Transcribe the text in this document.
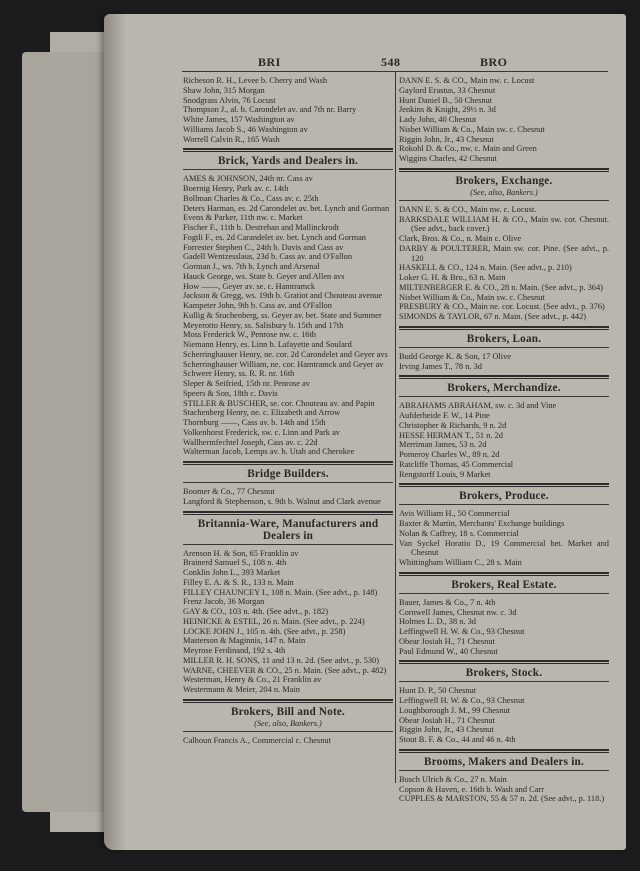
BRI	548	BRO
Richeson R. H., Levee b. Cherry and Wash
Shaw John, 315 Morgan
Snodgrass Alvin, 76 Locust
Thompson J., al. b. Carondelet av. and 7th nr. Barry
White James, 157 Washington av
Williams Jacob S., 46 Washington av
Worrell Calvin R., 165 Wash
Brick, Yards and Dealers in.
AMES & JOHNSON, 24th nr. Cass av
Boernig Henry, Park av. c. 14th
Bollman Charles & Co., Cass av. c. 25th
Deters Harman, es. 2d Carondelet av. bet. Lynch and Gorman
Evens & Parker, 11th nw. c. Market
Fischer F., 11th b. Destrehan and Mallinckrodt
Fogtli F., es. 2d Carandelet av. bet. Lynch and Gorman
Forrester Stephen C., 24th b. Davis and Cass av
Gadell Wentzesslaus, 23d b. Cass av. and O'Fallon
Gorman J., ws. 7th b. Lynch and Arsenal
Hauck George, ws. State b. Geyer and Allen avs
How ——, Geyer av. se. c. Hamtramck
Jackson & Gregg, ws. 19th b. Gratiot and Chouteau avenue
Kampeter John, 9th b. Cass av. and O'Fallon
Kullig & Stuchenberg, ss. Geyer av. bet. State and Summer
Meyerotto Henry, ss. Salisbury b. 15th and 17th
Moss Frederick W., Penrose nw. c. 16th
Niemann Henry, es. Linn b. Lafayette and Soulard
Scherringhauser Henry, ne. cor. 2d Carondelet and Geyer avs
Scherringhauser William, ne. cor. Hamtramck and Geyer av
Schweer Henry, ss. R. R. nr. 16th
Sleper & Seifried, 15th nr. Penrose av
Speers & Son, 18th c. Davis
STILLER & BUSCHER, se. cor. Chouteau av. and Papin
Stachenberg Henry, ne. c. Elizabeth and Arrow
Thornburg ——, Cass av. b. 14th and 15th
Volkenhorst Frederick, sw. c. Linn and Park av
Wallhermfechtel Joseph, Cass av. c. 22d
Walterman Jacob, Lemps av. b. Utah and Cherokee
Bridge Builders.
Boomer & Co., 77 Chesnut
Langford & Stephenson, s. 9th b. Walnut and Clark avenue
Britannia-Ware, Manufacturers and Dealers in
Arenson H. & Son, 65 Franklin av
Brainerd Samuel S., 108 n. 4th
Conklin John L., 393 Market
Filley E. A. & S. R., 133 n. Main
FILLEY CHAUNCEY I., 108 n. Main. (See advt., p. 148)
Frenz Jacob, 36 Morgan
GAY & CO., 103 n. 4th. (See advt., p. 182)
HEINICKE & ESTEL, 26 n. Main. (See advt., p. 224)
LOCKE JOHN J., 105 n. 4th. (See advt., p. 258)
Masterson & Maginnis, 147 n. Main
Meyrose Ferdinand, 192 s. 4th
MILLER R. H. SONS, 11 and 13 n. 2d. (See advt., p. 530)
WARNE, CHEEVER & CO., 25 n. Main. (See advt., p. 482)
Westerman, Henry & Co., 21 Franklin av
Westermann & Meier, 204 n. Main
Brokers, Bill and Note.
(See, also, Bankers.)
Calhoun Francis A., Commercial c. Chesnut
DANN E. S. & CO., Main nw. c. Locust
Gaylord Erastus, 33 Chesnut
Hunt Daniel B., 50 Chesnut
Jenkins & Knight, 29½ n. 3d
Lady John, 40 Chesnut
Nisbet William & Co., Main sw. c. Chesnut
Riggin John, Jr., 43 Chesnut
Rokohl D. & Co., nw. c. Main and Green
Wiggins Charles, 42 Chesnut
Brokers, Exchange.
(See, also, Bankers.)
DANN E. S. & CO., Main nw. c. Locust.
BARKSDALE WILLIAM H. & CO., Main sw. cor. Chesnut. (See advt., back cover.)
Clark, Bros. & Co., n. Main c. Olive
DARBY & POULTERER, Main sw. cor. Pine. (See advt., p. 120
HASKELL & CO., 124 n. Main. (See advt., p. 210)
Loker G. H. & Bro., 63 n. Main
MILTENBERGER E. & CO., 28 n. Main. (See advt., p. 364)
Nisbet William & Co., Main sw. c. Chesnut
PRESBURY & CO., Main ne. cor. Locust. (See advt., p. 376)
SIMONDS & TAYLOR, 67 n. Main. (See advt., p. 442)
Brokers, Loan.
Budd George K. & Son, 17 Olive
Irving James T., 78 n. 3d
Brokers, Merchandize.
ABRAHAMS ABRAHAM, sw. c. 3d and Vine
Aufderheide F. W., 14 Pine
Christopher & Richards, 9 n. 2d
HESSE HERMAN T., 51 n. 2d
Merriman James, 53 n. 2d
Pomeroy Charles W., 89 n. 2d
Ratcliffe Thomas, 45 Commercial
Rengstorff Louis, 9 Market
Brokers, Produce.
Avis William H., 50 Commercial
Baxter & Martin, Merchants' Exchange buildings
Nolan & Caffrey, 18 s. Commercial
Van Syckel Horatio D., 19 Commercial bet. Market and Chesnut
Whittingham William C., 28 s. Main
Brokers, Real Estate.
Bauer, James & Co., 7 n. 4th
Cornwell James, Chesnut nw. c. 3d
Holmes L. D., 38 n. 3d
Leffingwell H. W. & Co., 93 Chesnut
Obear Josiah H., 71 Chesnut
Paul Edmund W., 40 Chesnut
Brokers, Stock.
Hunt D. P., 50 Chesnut
Leffingwell H. W. & Co., 93 Chesnut
Loughborough J. M., 99 Chesnut
Obear Josiah H., 71 Chesnut
Riggin John, Jr., 43 Chesnut
Stout B. F. & Co., 44 and 46 n. 4th
Brooms, Makers and Dealers in.
Busch Ulrich & Co., 27 n. Main
Copson & Haven, e. 16th b. Wash and Carr
CUPPLES & MARSTON, 55 & 57 n. 2d. (See advt., p. 118.)
